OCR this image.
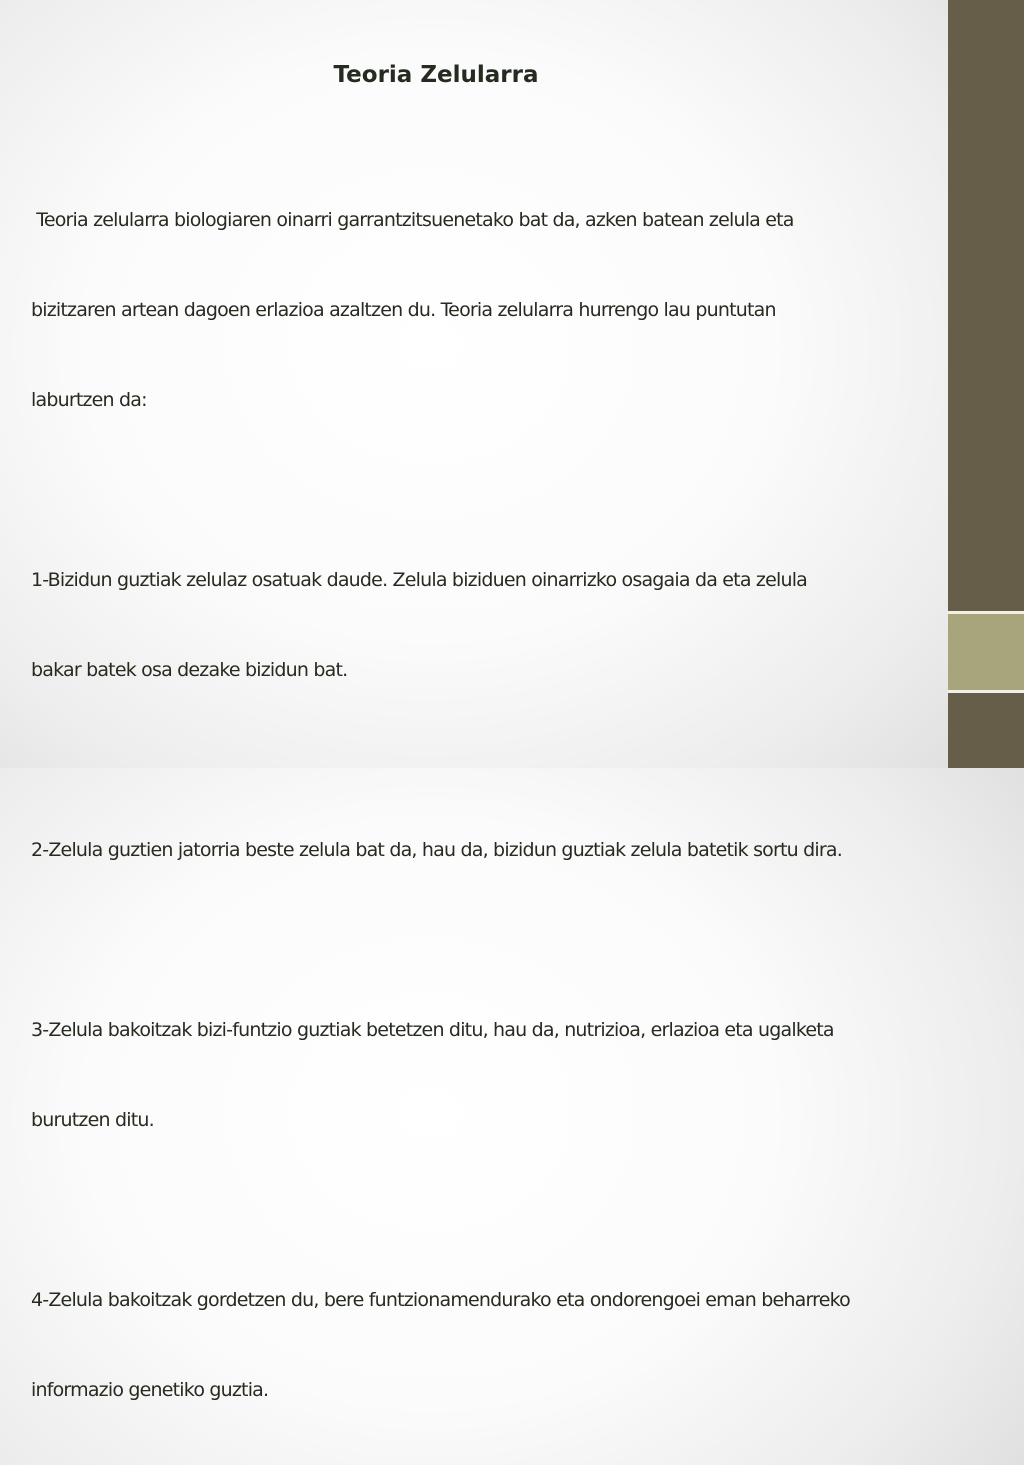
Teoria Zelularra

Teoria zelularra biologiaren oinarri garrantzitsuenetako bat da, azken batean zelula eta

bizitzaren artean dagoen erlazioa azaltzen du. Teoria zelularra hurrengo lau puntutan

laburtzen da:

1-Bizidun guztiak zelulaz osatuak daude. Zelula biziduen oinarrizko osagaia da eta zelula

bakar batek osa dezake bizidun bat.

2-Zelula guztien jatorria beste zelula bat da, hau da, bizidun guztiak zelula batetik sortu dira.

3-Zelula bakoitzak bizi-funtzio guztiak betetzen ditu, hau da, nutrizioa, erlazioa eta ugalketa

burutzen ditu.

4-Zelula bakoitzak gordetzen du, bere funtzionamendurako eta ondorengoei eman beharreko

informazio genetiko guztia.
